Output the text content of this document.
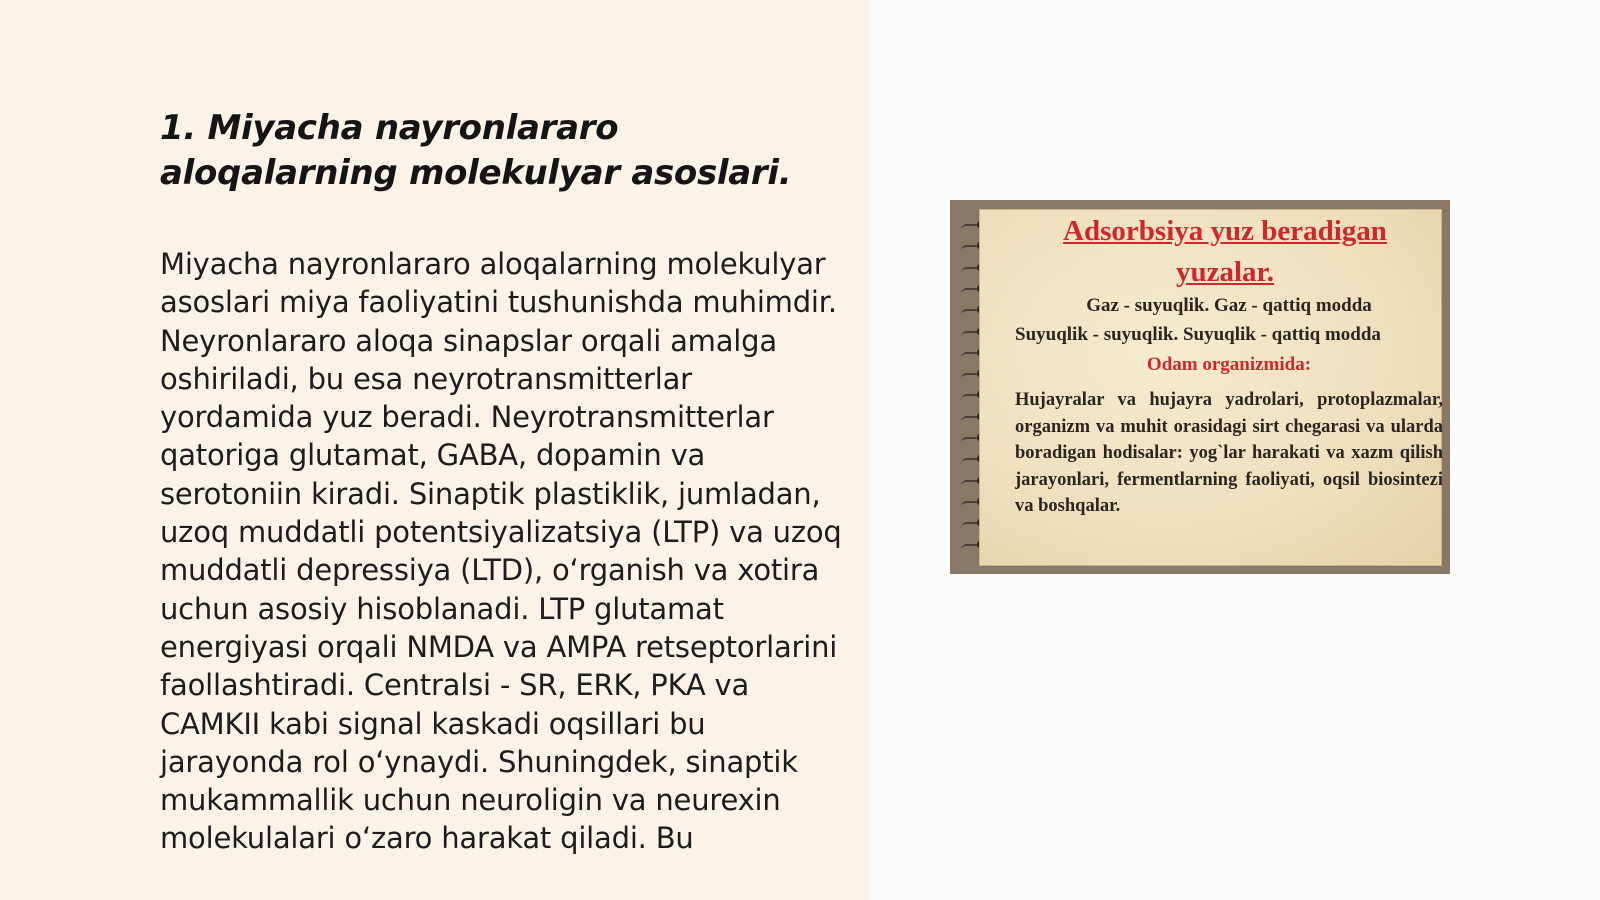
1. Miyacha nayronlararo aloqalarning molekulyar asoslari.

Miyacha nayronlararo aloqalarning molekulyar asoslari miya faoliyatini tushunishda muhimdir. Neyronlararo aloqa sinapslar orqali amalga oshiriladi, bu esa neyrotransmitterlar yordamida yuz beradi. Neyrotransmitterlar qatoriga glutamat, GABA, dopamin va serotoniin kiradi. Sinaptik plastiklik, jumladan, uzoq muddatli potentsiyalizatsiya (LTP) va uzoq muddatli depressiya (LTD), o‘rganish va xotira uchun asosiy hisoblanadi. LTP glutamat energiyasi orqali NMDA va AMPA retseptorlarini faollashtiradi. Centralsi - SR, ERK, PKA va CAMKII kabi signal kaskadi oqsillari bu jarayonda rol o‘ynaydi. Shuningdek, sinaptik mukammallik uchun neuroligin va neurexin molekulalari o‘zaro harakat qiladi. Bu

Adsorbsiya yuz beradigan yuzalar.
Gaz - suyuqlik. Gaz - qattiq modda
Suyuqlik - suyuqlik. Suyuqlik - qattiq modda
Odam organizmida:
Hujayralar va hujayra yadrolari, protoplazmalar, organizm va muhit orasidagi sirt chegarasi va ularda boradigan hodisalar: yog`lar harakati va xazm qilish jarayonlari, fermentlarning faoliyati, oqsil biosintezi va boshqalar.
